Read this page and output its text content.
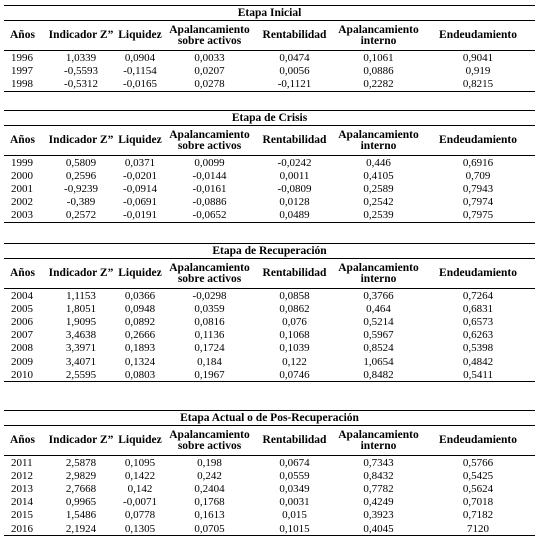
Etapa Inicial						
Años	Indicador Z”	Liquidez	Apalancamiento sobre activos	Rentabilidad	Apalancamiento interno	Endeudamiento
1996	1,0339	0,0904	0,0033	0,0474	0,1061	0,9041
1997	-0,5593	-0,1154	0,0207	0,0056	0,0886	0,919
1998	-0,5312	-0,0165	0,0278	-0,1121	0,2282	0,8215
Etapa de Crisis						
Años	Indicador Z”	Liquidez	Apalancamiento sobre activos	Rentabilidad	Apalancamiento interno	Endeudamiento
1999	0,5809	0,0371	0,0099	-0,0242	0,446	0,6916
2000	0,2596	-0,0201	-0,0144	0,0011	0,4105	0,709
2001	-0,9239	-0,0914	-0,0161	-0,0809	0,2589	0,7943
2002	-0,389	-0,0691	-0,0886	0,0128	0,2542	0,7974
2003	0,2572	-0,0191	-0,0652	0,0489	0,2539	0,7975
Etapa de Recuperación						
Años	Indicador Z”	Liquidez	Apalancamiento sobre activos	Rentabilidad	Apalancamiento interno	Endeudamiento
2004	1,1153	0,0366	-0,0298	0,0858	0,3766	0,7264
2005	1,8051	0,0948	0,0359	0,0862	0,464	0,6831
2006	1,9095	0,0892	0,0816	0,076	0,5214	0,6573
2007	3,4638	0,2666	0,1136	0,1068	0,5967	0,6263
2008	3,3971	0,1893	0,1724	0,1039	0,8524	0,5398
2009	3,4071	0,1324	0,184	0,122	1,0654	0,4842
2010	2,5595	0,0803	0,1967	0,0746	0,8482	0,5411
Etapa Actual o de Pos-Recuperación						
Años	Indicador Z”	Liquidez	Apalancamiento sobre activos	Rentabilidad	Apalancamiento interno	Endeudamiento
2011	2,5878	0,1095	0,198	0,0674	0,7343	0,5766
2012	2,9829	0,1422	0,242	0,0559	0,8432	0,5425
2013	2,7668	0,142	0,2404	0,0349	0,7782	0,5624
2014	0,9965	-0,0071	0,1768	0,0031	0,4249	0,7018
2015	1,5486	0,0778	0,1613	0,015	0,3923	0,7182
2016	2,1924	0,1305	0,0705	0,1015	0,4045	7120
